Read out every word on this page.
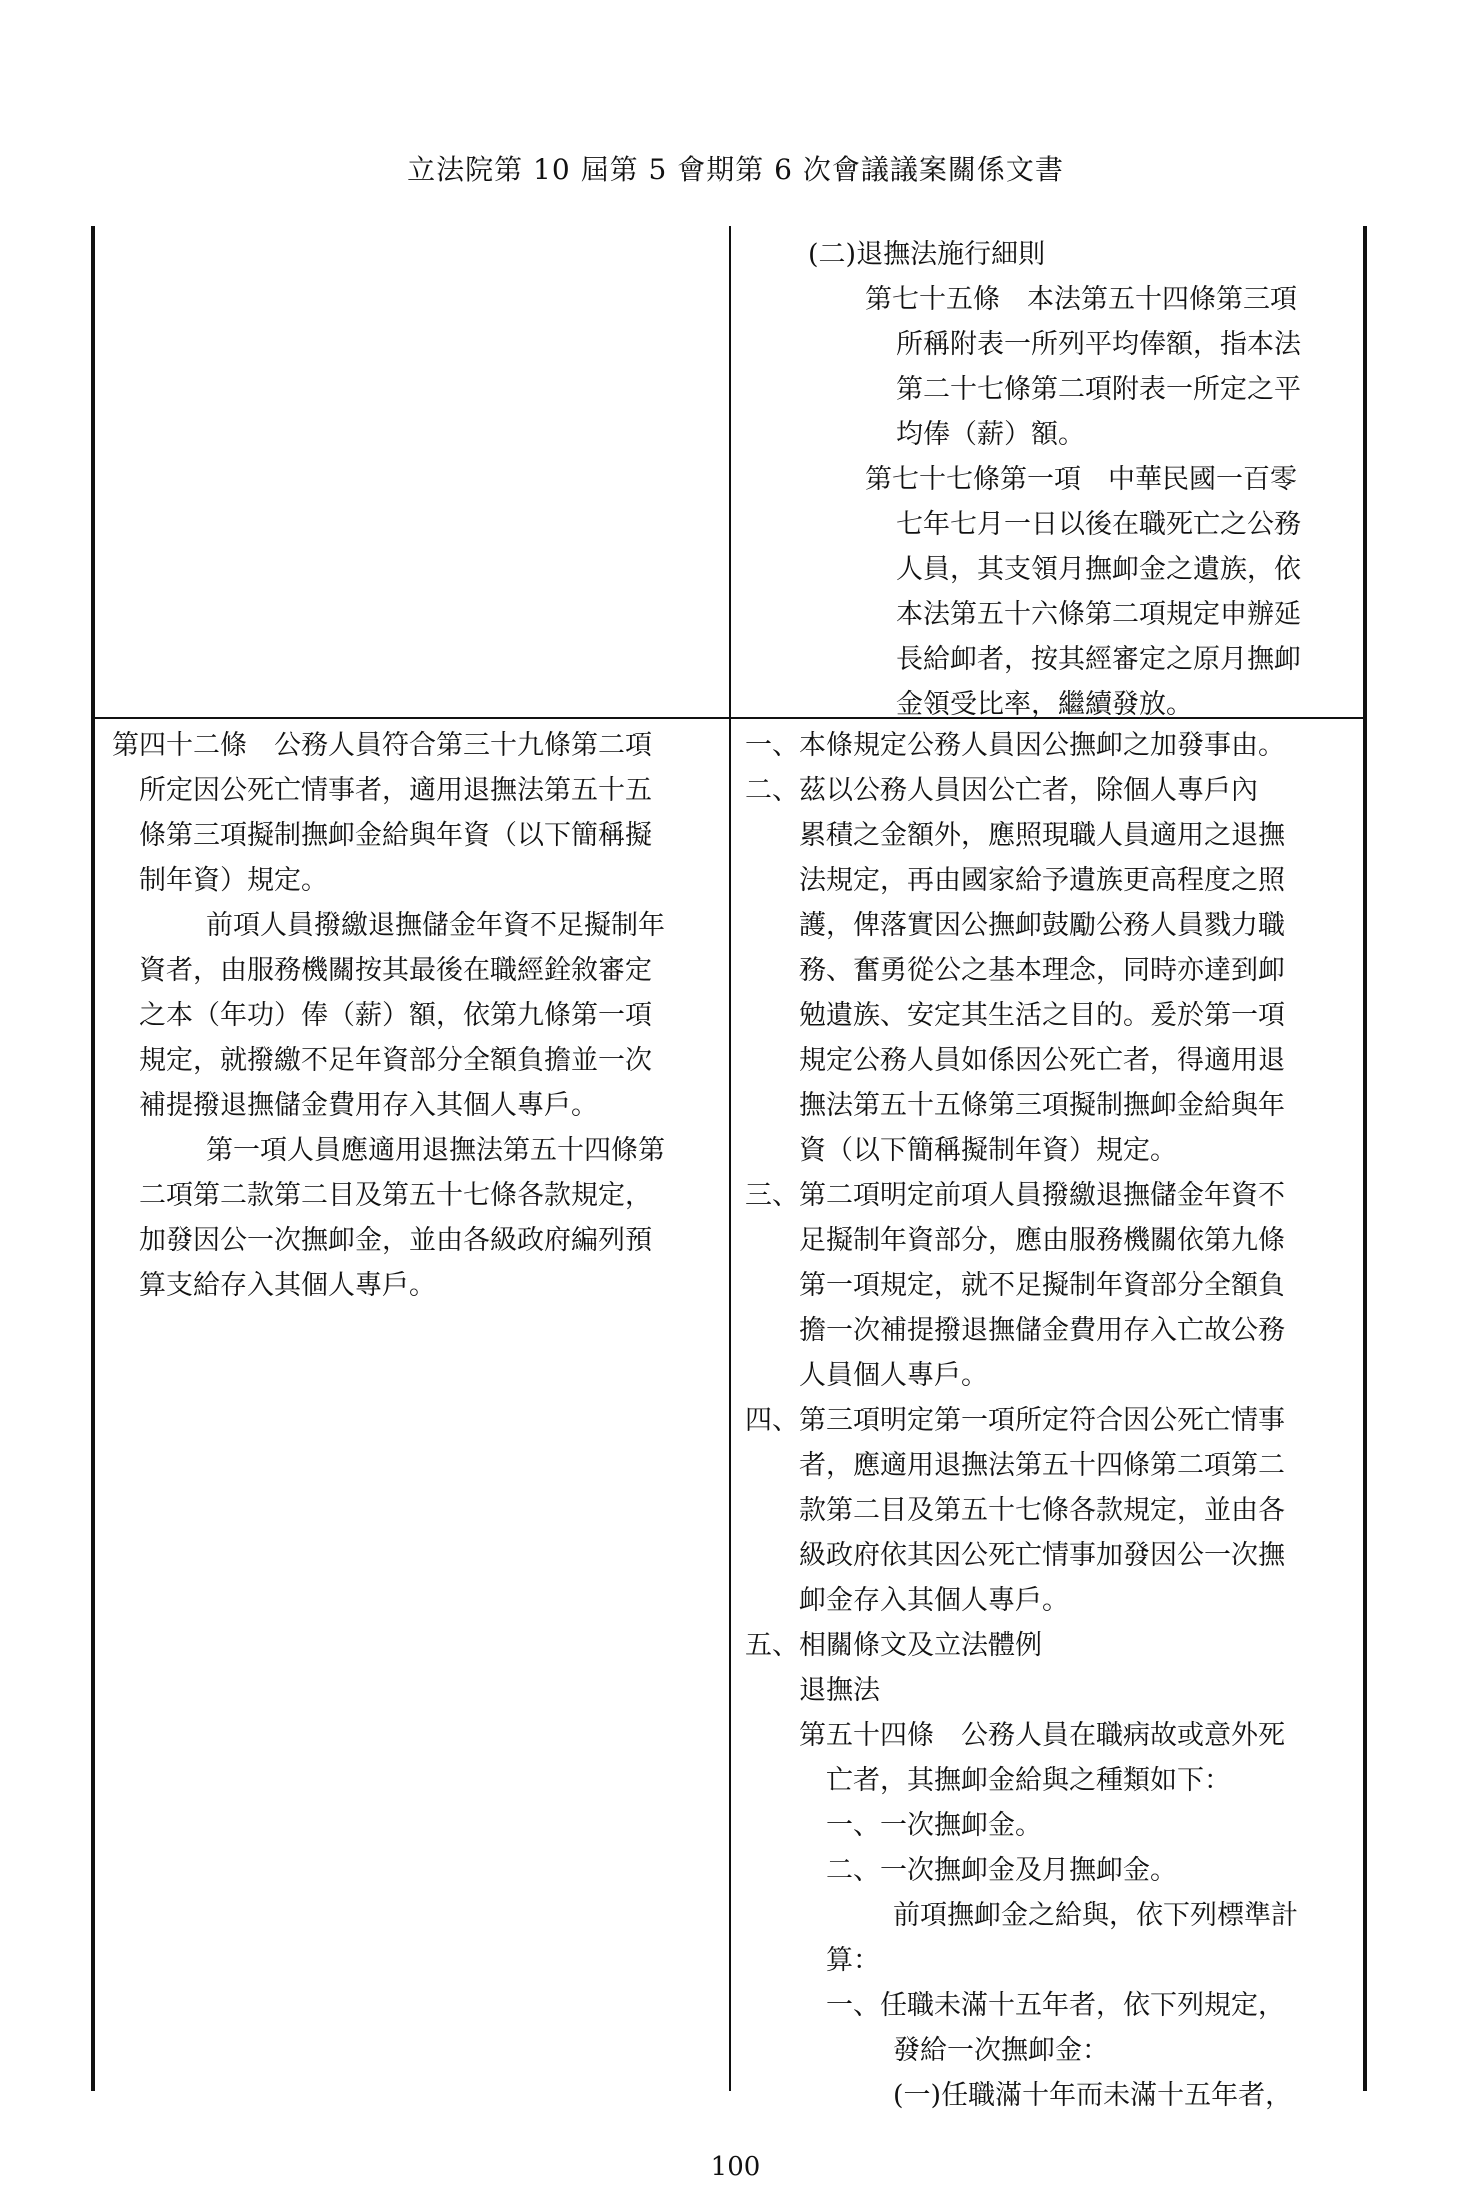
立法院第 10 屆第 5 會期第 6 次會議議案關係文書
(二)退撫法施行細則
第七十五條　本法第五十四條第三項
所稱附表一所列平均俸額，指本法
第二十七條第二項附表一所定之平
均俸（薪）額。
第七十七條第一項　中華民國一百零
七年七月一日以後在職死亡之公務
人員，其支領月撫卹金之遺族，依
本法第五十六條第二項規定申辦延
長給卹者，按其經審定之原月撫卹
金領受比率，繼續發放。
第四十二條　公務人員符合第三十九條第二項
所定因公死亡情事者，適用退撫法第五十五
條第三項擬制撫卹金給與年資（以下簡稱擬
制年資）規定。
前項人員撥繳退撫儲金年資不足擬制年
資者，由服務機關按其最後在職經銓敘審定
之本（年功）俸（薪）額，依第九條第一項
規定，就撥繳不足年資部分全額負擔並一次
補提撥退撫儲金費用存入其個人專戶。
第一項人員應適用退撫法第五十四條第
二項第二款第二目及第五十七條各款規定，
加發因公一次撫卹金，並由各級政府編列預
算支給存入其個人專戶。
一、本條規定公務人員因公撫卹之加發事由。
二、茲以公務人員因公亡者，除個人專戶內
累積之金額外，應照現職人員適用之退撫
法規定，再由國家給予遺族更高程度之照
護，俾落實因公撫卹鼓勵公務人員戮力職
務、奮勇從公之基本理念，同時亦達到卹
勉遺族、安定其生活之目的。爰於第一項
規定公務人員如係因公死亡者，得適用退
撫法第五十五條第三項擬制撫卹金給與年
資（以下簡稱擬制年資）規定。
三、第二項明定前項人員撥繳退撫儲金年資不
足擬制年資部分，應由服務機關依第九條
第一項規定，就不足擬制年資部分全額負
擔一次補提撥退撫儲金費用存入亡故公務
人員個人專戶。
四、第三項明定第一項所定符合因公死亡情事
者，應適用退撫法第五十四條第二項第二
款第二目及第五十七條各款規定，並由各
級政府依其因公死亡情事加發因公一次撫
卹金存入其個人專戶。
五、相關條文及立法體例
退撫法
第五十四條　公務人員在職病故或意外死
亡者，其撫卹金給與之種類如下：
一、一次撫卹金。
二、一次撫卹金及月撫卹金。
前項撫卹金之給與，依下列標準計
算：
一、任職未滿十五年者，依下列規定，
發給一次撫卹金：
(一)任職滿十年而未滿十五年者，
100
